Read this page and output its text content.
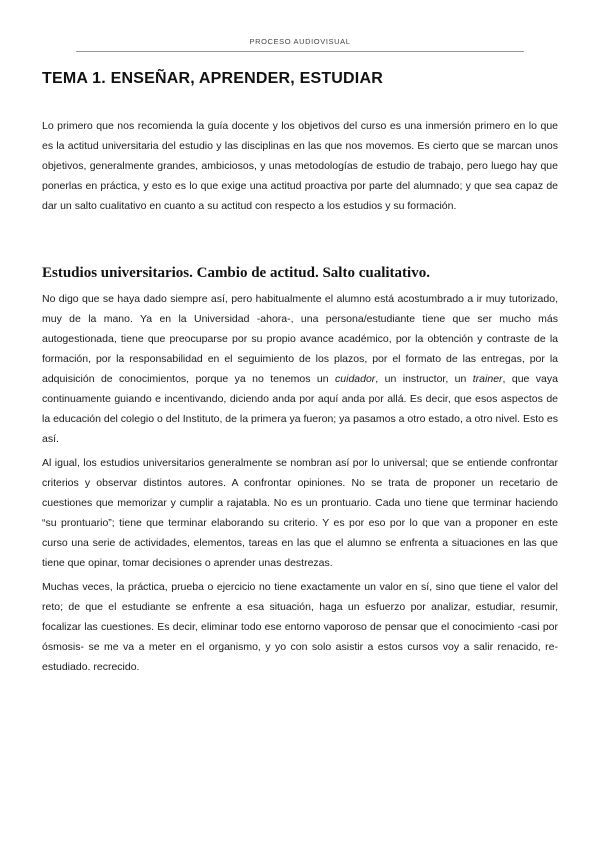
PROCESO AUDIOVISUAL
TEMA 1. ENSEÑAR, APRENDER, ESTUDIAR

Lo primero que nos recomienda la guía docente y los objetivos del curso es una inmersión primero en lo que es la actitud universitaria del estudio y las disciplinas en las que nos movemos. Es cierto que se marcan unos objetivos, generalmente grandes, ambiciosos, y unas metodologías de estudio de trabajo, pero luego hay que ponerlas en práctica, y esto es lo que exige una actitud proactiva por parte del alumnado; y que sea capaz de dar un salto cualitativo en cuanto a su actitud con respecto a los estudios y su formación.

Estudios universitarios. Cambio de actitud. Salto cualitativo.

No digo que se haya dado siempre así, pero habitualmente el alumno está acostumbrado a ir muy tutorizado, muy de la mano. Ya en la Universidad -ahora-, una persona/estudiante tiene que ser mucho más autogestionada, tiene que preocuparse por su propio avance académico, por la obtención y contraste de la formación, por la responsabilidad en el seguimiento de los plazos, por el formato de las entregas, por la adquisición de conocimientos, porque ya no tenemos un cuidador, un instructor, un trainer, que vaya continuamente guiando e incentivando, diciendo anda por aquí anda por allá. Es decir, que esos aspectos de la educación del colegio o del Instituto, de la primera ya fueron; ya pasamos a otro estado, a otro nivel. Esto es así.

Al igual, los estudios universitarios generalmente se nombran así por lo universal; que se entiende confrontar criterios y observar distintos autores. A confrontar opiniones. No se trata de proponer un recetario de cuestiones que memorizar y cumplir a rajatabla. No es un prontuario. Cada uno tiene que terminar haciendo “su prontuario”; tiene que terminar elaborando su criterio. Y es por eso por lo que van a proponer en este curso una serie de actividades, elementos, tareas en las que el alumno se enfrenta a situaciones en las que tiene que opinar, tomar decisiones o aprender unas destrezas.

Muchas veces, la práctica, prueba o ejercicio no tiene exactamente un valor en sí, sino que tiene el valor del reto; de que el estudiante se enfrente a esa situación, haga un esfuerzo por analizar, estudiar, resumir, focalizar las cuestiones. Es decir, eliminar todo ese entorno vaporoso de pensar que el conocimiento -casi por ósmosis- se me va a meter en el organismo, y yo con solo asistir a estos cursos voy a salir renacido, re-estudiado. recrecido.
